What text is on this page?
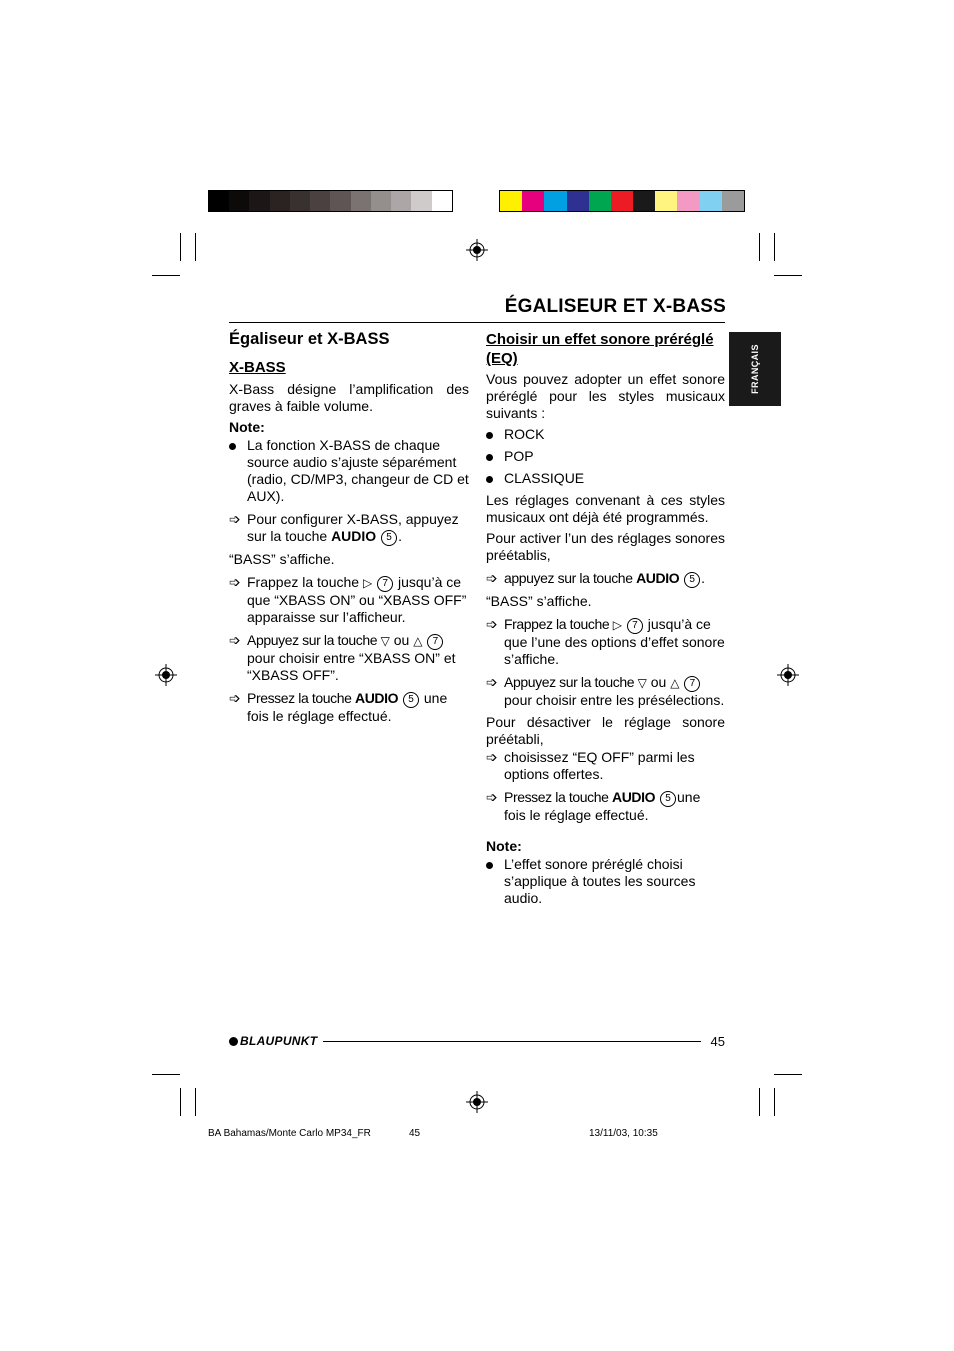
ÉGALISEUR ET X-BASS
FRANÇAIS

Égaliseur et X-BASS

X-BASS

X-Bass désigne l’amplification des graves à faible volume.

Note:

La fonction X-BASS de chaque source audio s’ajuste séparément (radio, CD/MP3, changeur de CD et AUX).
➩ Pour configurer X-BASS, appuyez sur la touche AUDIO 5 .

“BASS” s’affiche.

➩ Frappez la touche ▷ 7 jusqu’à ce que “XBASS ON” ou “XBASS OFF” apparaisse sur l’afficheur.
➩ Appuyez sur la touche ▽ ou △ 7 pour choisir entre “XBASS ON” et “XBASS OFF”.
➩ Pressez la touche AUDIO 5 une fois le réglage effectué.

Choisir un effet sonore préréglé (EQ)

Vous pouvez adopter un effet sonore préréglé pour les styles musicaux suivants :

ROCK
POP
CLASSIQUE

Les réglages convenant à ces styles musicaux ont déjà été programmés.

Pour activer l’un des réglages sonores préétablis,

➩ appuyez sur la touche AUDIO 5 .

“BASS” s’affiche.

➩ Frappez la touche ▷ 7 jusqu’à ce que l’une des options d’effet sonore s’affiche.
➩ Appuyez sur la touche ▽ ou △ 7 pour choisir entre les présélections.

Pour désactiver le réglage sonore préétabli,

➩ choisissez “EQ OFF” parmi les options offertes.
➩ Pressez la touche AUDIO 5 une fois le réglage effectué.

Note:

L’effet sonore préréglé choisi s’applique à toutes les sources audio.
BLAUPUNKT	45
BA Bahamas/Monte Carlo MP34_FR	45	13/11/03, 10:35
